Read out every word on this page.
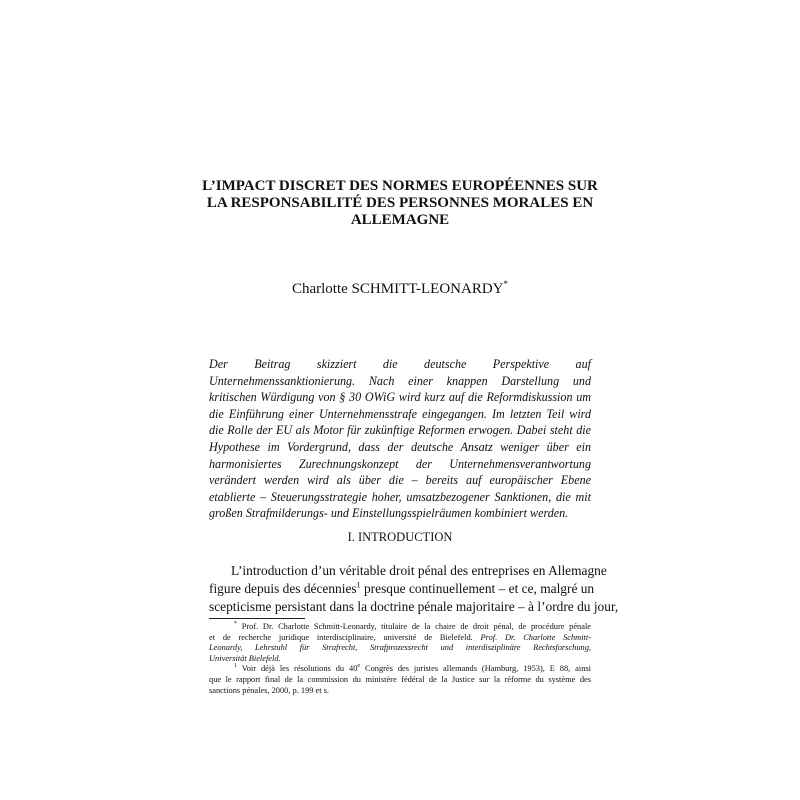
L’IMPACT DISCRET DES NORMES EUROPÉENNES SUR
LA RESPONSABILITÉ DES PERSONNES MORALES EN
ALLEMAGNE
Charlotte SCHMITT-LEONARDY*
Der Beitrag skizziert die deutsche Perspektive auf
Unternehmenssanktionierung. Nach einer knappen Darstellung und
kritischen Würdigung von § 30 OWiG wird kurz auf die Reformdiskussion um
die Einführung einer Unternehmensstrafe eingegangen. Im letzten Teil wird
die Rolle der EU als Motor für zukünftige Reformen erwogen. Dabei steht die
Hypothese im Vordergrund, dass der deutsche Ansatz weniger über ein
harmonisiertes Zurechnungskonzept der Unternehmensverantwortung
verändert werden wird als über die – bereits auf europäischer Ebene
etablierte – Steuerungsstrategie hoher, umsatzbezogener Sanktionen, die mit
großen Strafmilderungs- und Einstellungsspielräumen kombiniert werden.
I. INTRODUCTION
L’introduction d’un véritable droit pénal des entreprises en Allemagne
figure depuis des décennies$^1$ presque continuellement – et ce, malgré un
scepticisme persistant dans la doctrine pénale majoritaire – à l’ordre du jour,
* Prof. Dr. Charlotte Schmitt-Leonardy, titulaire de la chaire de droit pénal, de procédure pénale
et de recherche juridique interdisciplinaire, université de Bielefeld. Prof. Dr. Charlotte Schmitt-
Leonardy, Lehrstuhl für Strafrecht, Strafprozessrecht und interdisziplinäre Rechtsforschung,
Universität Bielefeld.
$^1$ Voir déjà les résolutions du 40e Congrès des juristes allemands (Hamburg, 1953), E 88, ainsi
que le rapport final de la commission du ministère fédéral de la Justice sur la réforme du système des
sanctions pénales, 2000, p. 199 et s.
